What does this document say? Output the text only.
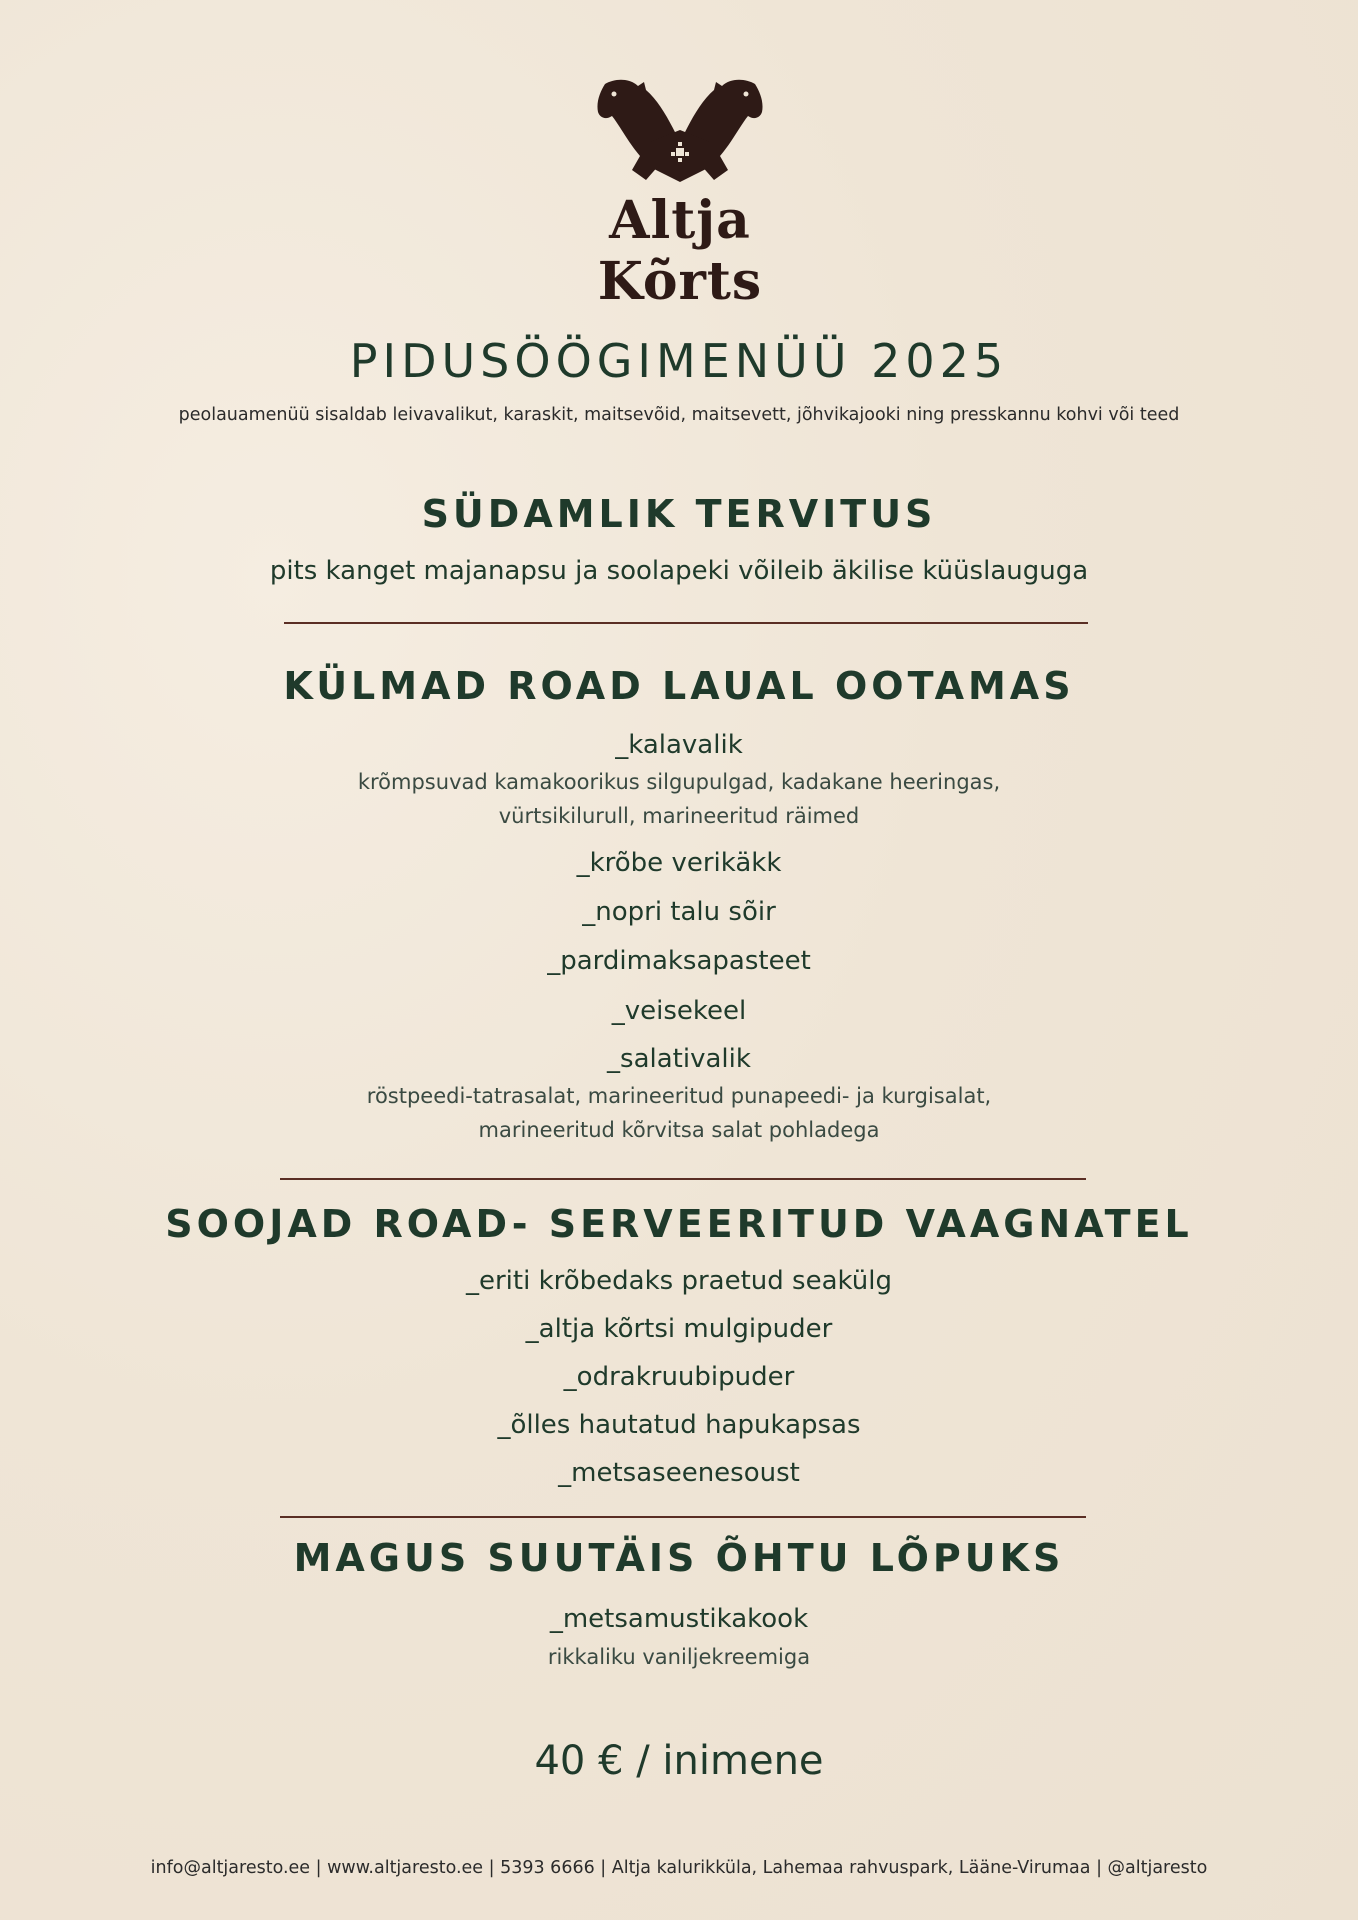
Altja Kõrts
PIDUSÖÖGIMENÜÜ 2025
peolauamenüü sisaldab leivavalikut, karaskit, maitsevõid, maitsevett, jõhvikajooki ning presskannu kohvi või teed
SÜDAMLIK TERVITUS
pits kanget majanapsu ja soolapeki võileib äkilise küüslauguga
KÜLMAD ROAD LAUAL OOTAMAS
_kalavalik
krõmpsuvad kamakoorikus silgupulgad, kadakane heeringas,
vürtsikilurull, marineeritud räimed
_krõbe verikäkk
_nopri talu sõir
_pardimaksapasteet
_veisekeel
_salativalik
röstpeedi-tatrasalat, marineeritud punapeedi- ja kurgisalat,
marineeritud kõrvitsa salat pohladega
SOOJAD ROAD- SERVEERITUD VAAGNATEL
_eriti krõbedaks praetud seakülg
_altja kõrtsi mulgipuder
_odrakruubipuder
_õlles hautatud hapukapsas
_metsaseenesoust
MAGUS SUUTÄIS ÕHTU LÕPUKS
_metsamustikakook
rikkaliku vaniljekreemiga
40 € / inimene
info@altjaresto.ee | www.altjaresto.ee | 5393 6666 | Altja kalurikküla, Lahemaa rahvuspark, Lääne-Virumaa | @altjaresto
